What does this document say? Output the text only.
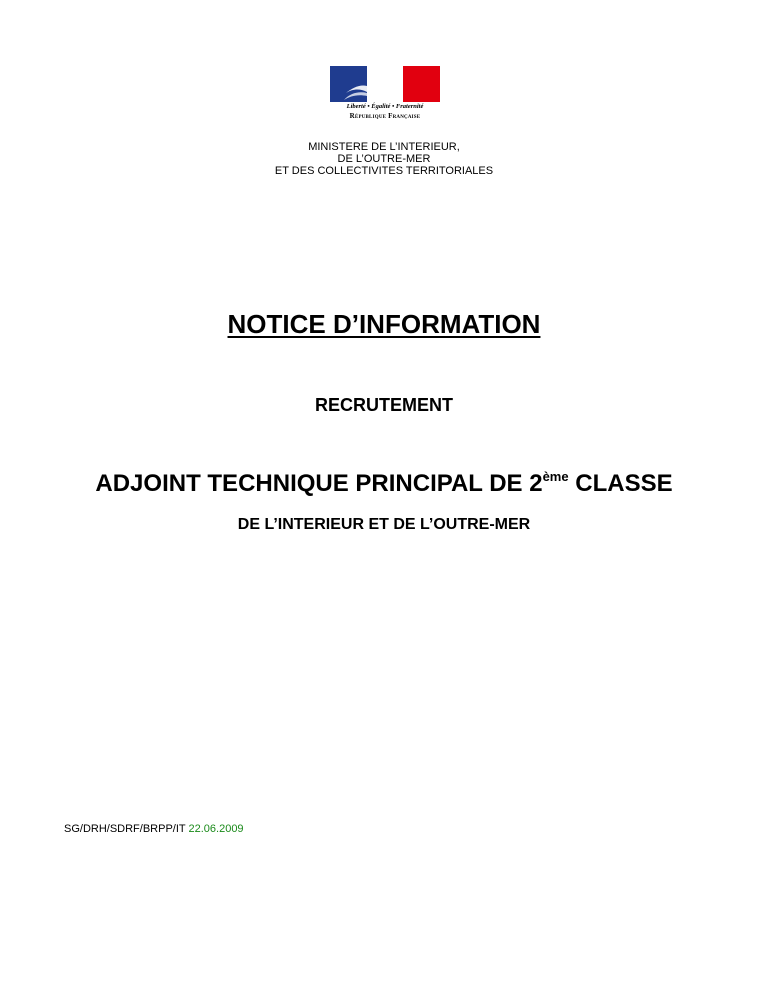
Liberté • Égalité • Fraternité
République Française
MINISTERE DE L’INTERIEUR,
DE L’OUTRE-MER
ET DES COLLECTIVITES TERRITORIALES
NOTICE D’INFORMATION
RECRUTEMENT
ADJOINT TECHNIQUE PRINCIPAL DE 2ème CLASSE
DE L’INTERIEUR ET DE L’OUTRE-MER
SG/DRH/SDRF/BRPP/IT 22.06.2009
